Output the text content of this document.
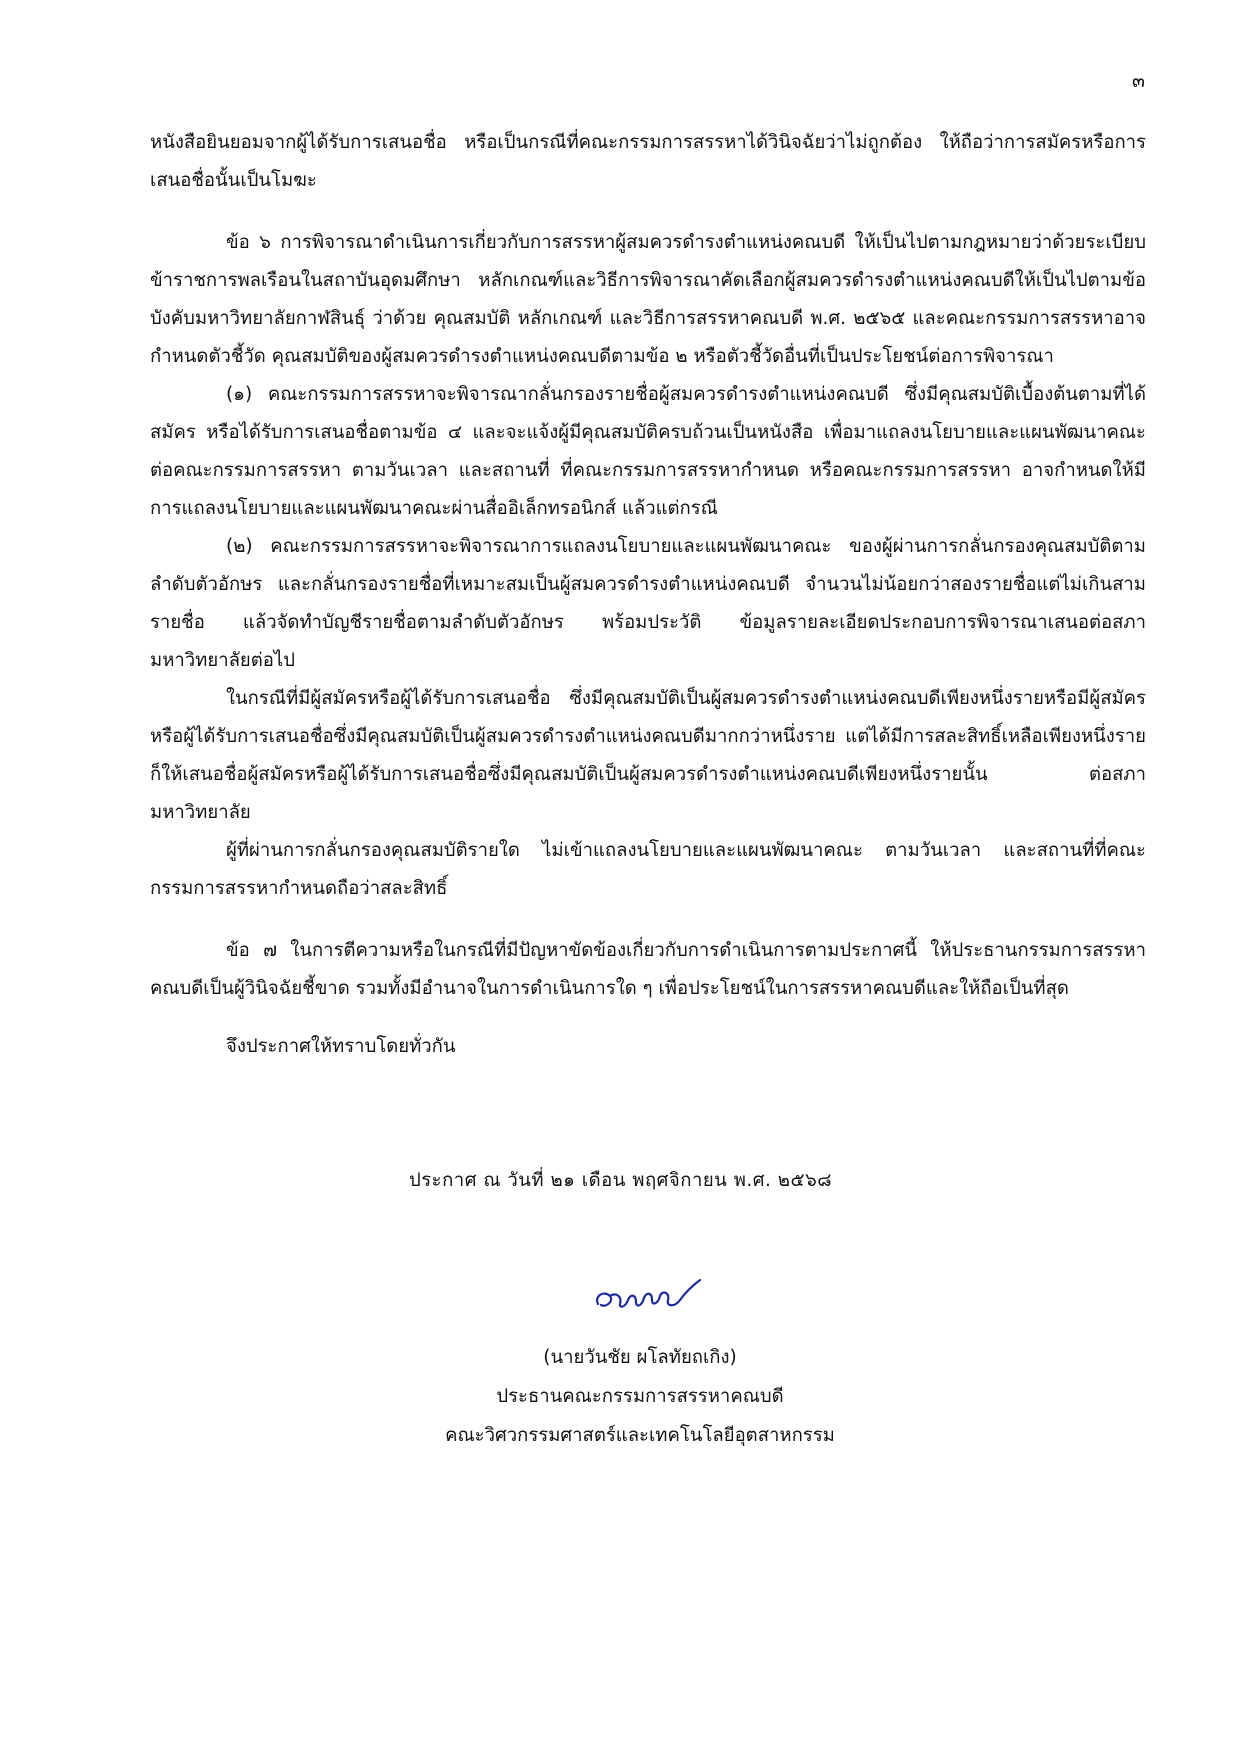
๓

หนังสือยินยอมจากผู้ได้รับการเสนอชื่อ หรือเป็นกรณีที่คณะกรรมการสรรหาได้วินิจฉัยว่าไม่ถูกต้อง ให้ถือว่าการสมัครหรือการเสนอชื่อนั้นเป็นโมฆะ

ข้อ ๖ การพิจารณาดำเนินการเกี่ยวกับการสรรหาผู้สมควรดำรงตำแหน่งคณบดี ให้เป็นไปตามกฎหมายว่าด้วยระเบียบข้าราชการพลเรือนในสถาบันอุดมศึกษา หลักเกณฑ์และวิธีการพิจารณาคัดเลือกผู้สมควรดำรงตำแหน่งคณบดีให้เป็นไปตามข้อบังคับมหาวิทยาลัยกาฬสินธุ์ ว่าด้วย คุณสมบัติ หลักเกณฑ์ และวิธีการสรรหาคณบดี พ.ศ. ๒๕๖๕ และคณะกรรมการสรรหาอาจกำหนดตัวชี้วัด คุณสมบัติของผู้สมควรดำรงตำแหน่งคณบดีตามข้อ ๒ หรือตัวชี้วัดอื่นที่เป็นประโยชน์ต่อการพิจารณา

(๑) คณะกรรมการสรรหาจะพิจารณากลั่นกรองรายชื่อผู้สมควรดำรงตำแหน่งคณบดี ซึ่งมีคุณสมบัติเบื้องต้นตามที่ได้สมัคร หรือได้รับการเสนอชื่อตามข้อ ๔ และจะแจ้งผู้มีคุณสมบัติครบถ้วนเป็นหนังสือ เพื่อมาแถลงนโยบายและแผนพัฒนาคณะ ต่อคณะกรรมการสรรหา ตามวันเวลา และสถานที่ ที่คณะกรรมการสรรหากำหนด หรือคณะกรรมการสรรหา อาจกำหนดให้มีการแถลงนโยบายและแผนพัฒนาคณะผ่านสื่ออิเล็กทรอนิกส์ แล้วแต่กรณี

(๒) คณะกรรมการสรรหาจะพิจารณาการแถลงนโยบายและแผนพัฒนาคณะ ของผู้ผ่านการกลั่นกรองคุณสมบัติตามลำดับตัวอักษร และกลั่นกรองรายชื่อที่เหมาะสมเป็นผู้สมควรดำรงตำแหน่งคณบดี จำนวนไม่น้อยกว่าสองรายชื่อแต่ไม่เกินสามรายชื่อ แล้วจัดทำบัญชีรายชื่อตามลำดับตัวอักษร พร้อมประวัติ ข้อมูลรายละเอียดประกอบการพิจารณาเสนอต่อสภามหาวิทยาลัยต่อไป

ในกรณีที่มีผู้สมัครหรือผู้ได้รับการเสนอชื่อ ซึ่งมีคุณสมบัติเป็นผู้สมควรดำรงตำแหน่งคณบดีเพียงหนึ่งรายหรือมีผู้สมัครหรือผู้ได้รับการเสนอชื่อซึ่งมีคุณสมบัติเป็นผู้สมควรดำรงตำแหน่งคณบดีมากกว่าหนึ่งราย แต่ได้มีการสละสิทธิ์เหลือเพียงหนึ่งราย ก็ให้เสนอชื่อผู้สมัครหรือผู้ได้รับการเสนอชื่อซึ่งมีคุณสมบัติเป็นผู้สมควรดำรงตำแหน่งคณบดีเพียงหนึ่งรายนั้น ต่อสภามหาวิทยาลัย

ผู้ที่ผ่านการกลั่นกรองคุณสมบัติรายใด ไม่เข้าแถลงนโยบายและแผนพัฒนาคณะ ตามวันเวลา และสถานที่ที่คณะกรรมการสรรหากำหนดถือว่าสละสิทธิ์

ข้อ ๗ ในการตีความหรือในกรณีที่มีปัญหาขัดข้องเกี่ยวกับการดำเนินการตามประกาศนี้ ให้ประธานกรรมการสรรหาคณบดีเป็นผู้วินิจฉัยชี้ขาด รวมทั้งมีอำนาจในการดำเนินการใด ๆ เพื่อประโยชน์ในการสรรหาคณบดีและให้ถือเป็นที่สุด

จึงประกาศให้ทราบโดยทั่วกัน

ประกาศ ณ วันที่ ๒๑ เดือน พฤศจิกายน พ.ศ. ๒๕๖๘
(นายวันชัย ผโลทัยถเกิง)
ประธานคณะกรรมการสรรหาคณบดี
คณะวิศวกรรมศาสตร์และเทคโนโลยีอุตสาหกรรม
